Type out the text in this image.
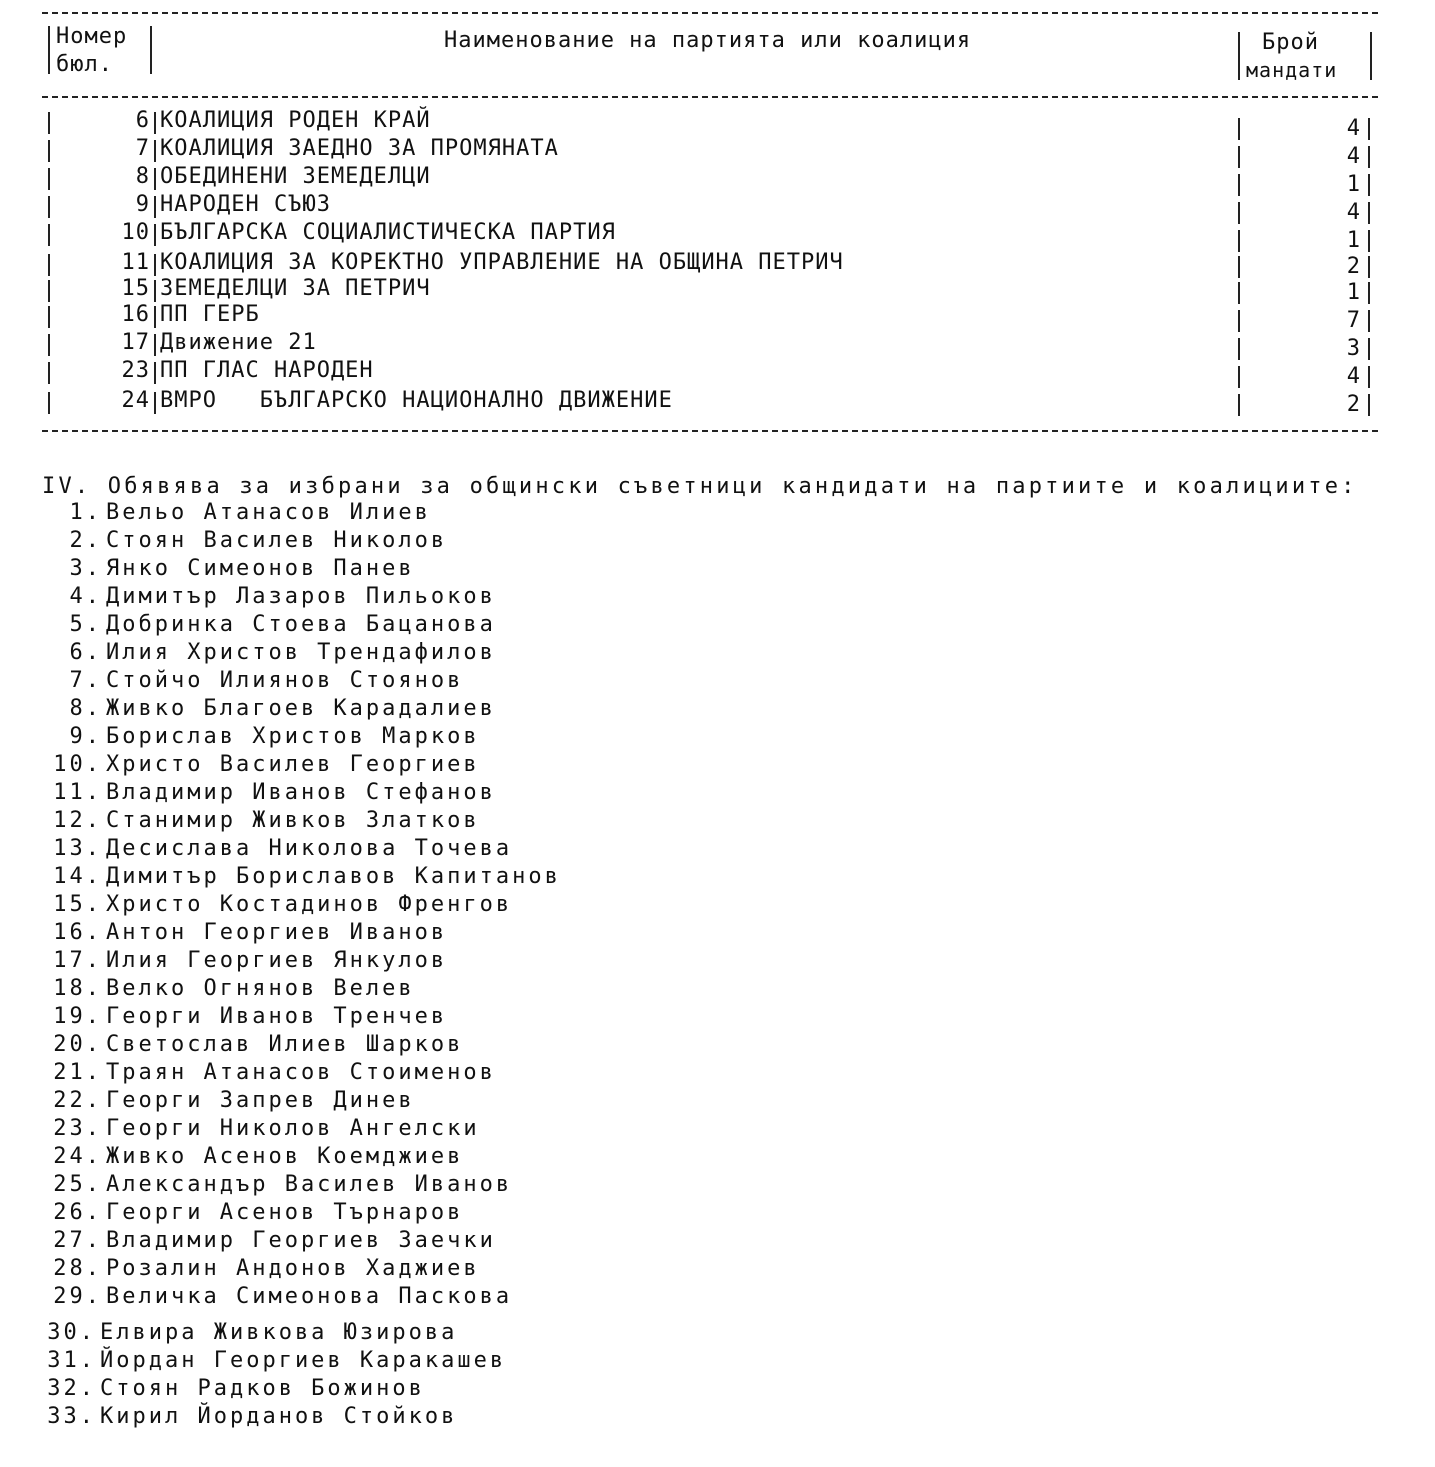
Номер
бюл.
Наименование на партията или коалиция	Брой
мандати
6 КОАЛИЦИЯ РОДЕН КРАЙ	4
7 КОАЛИЦИЯ ЗАЕДНО ЗА ПРОМЯНАТА	4
8 ОБЕДИНЕНИ ЗЕМЕДЕЛЦИ	1
9 НАРОДЕН СЪЮЗ	4
10 БЪЛГАРСКА СОЦИАЛИСТИЧЕСКА ПАРТИЯ	1
11 КОАЛИЦИЯ ЗА КОРЕКТНО УПРАВЛЕНИЕ НА ОБЩИНА ПЕТРИЧ	2
15 ЗЕМЕДЕЛЦИ ЗА ПЕТРИЧ	1
16 ПП ГЕРБ	7
17 Движение 21	3
23 ПП ГЛАС НАРОДЕН	4
24 ВМРО   БЪЛГАРСКО НАЦИОНАЛНО ДВИЖЕНИЕ	2
IV. Обявява за избрани за общински съветници кандидати на партиите и коалициите:
1. Вельо Атанасов Илиев
2. Стоян Василев Николов
3. Янко Симеонов Панев
4. Димитър Лазаров Пильоков
5. Добринка Стоева Бацанова
6. Илия Христов Трендафилов
7. Стойчо Илиянов Стоянов
8. Живко Благоев Карадалиев
9. Борислав Христов Марков
10. Христо Василев Георгиев
11. Владимир Иванов Стефанов
12. Станимир Живков Златков
13. Десислава Николова Точева
14. Димитър Бориславов Капитанов
15. Христо Костадинов Френгов
16. Антон Георгиев Иванов
17. Илия Георгиев Янкулов
18. Велко Огнянов Велев
19. Георги Иванов Тренчев
20. Светослав Илиев Шарков
21. Траян Атанасов Стоименов
22. Георги Запрев Динев
23. Георги Николов Ангелски
24. Живко Асенов Коемджиев
25. Александър Василев Иванов
26. Георги Асенов Търнаров
27. Владимир Георгиев Заечки
28. Розалин Андонов Хаджиев
29. Величка Симеонова Паскова
30. Елвира Живкова Юзирова
31. Йордан Георгиев Каракашев
32. Стоян Радков Божинов
33. Кирил Йорданов Стойков
